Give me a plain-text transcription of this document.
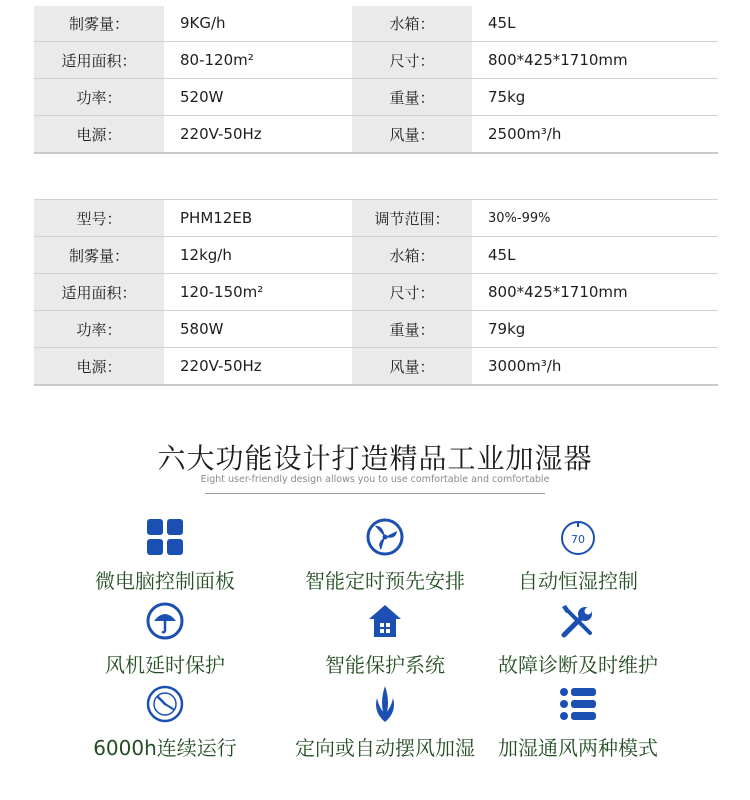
制雾量：	9KG/h		水箱：	45L
适用面积：	80-120m²		尺寸：	800*425*1710mm
功率：	520W		重量：	75kg
电源：	220V-50Hz		风量：	2500m³/h
型号：	PHM12EB		调节范围：	30%-99%
制雾量：	12kg/h		水箱：	45L
适用面积：	120-150m²		尺寸：	800*425*1710mm
功率：	580W		重量：	79kg
电源：	220V-50Hz		风量：	3000m³/h
六大功能设计打造精品工业加湿器
Eight user-friendly design allows you to use comfortable and comfortable
微电脑控制面板	智能定时预先安排
70
自动恒湿控制
风机延时保护	智能保护系统	故障诊断及时维护
6000h连续运行	定向或自动摆风加湿	加湿通风两种模式
